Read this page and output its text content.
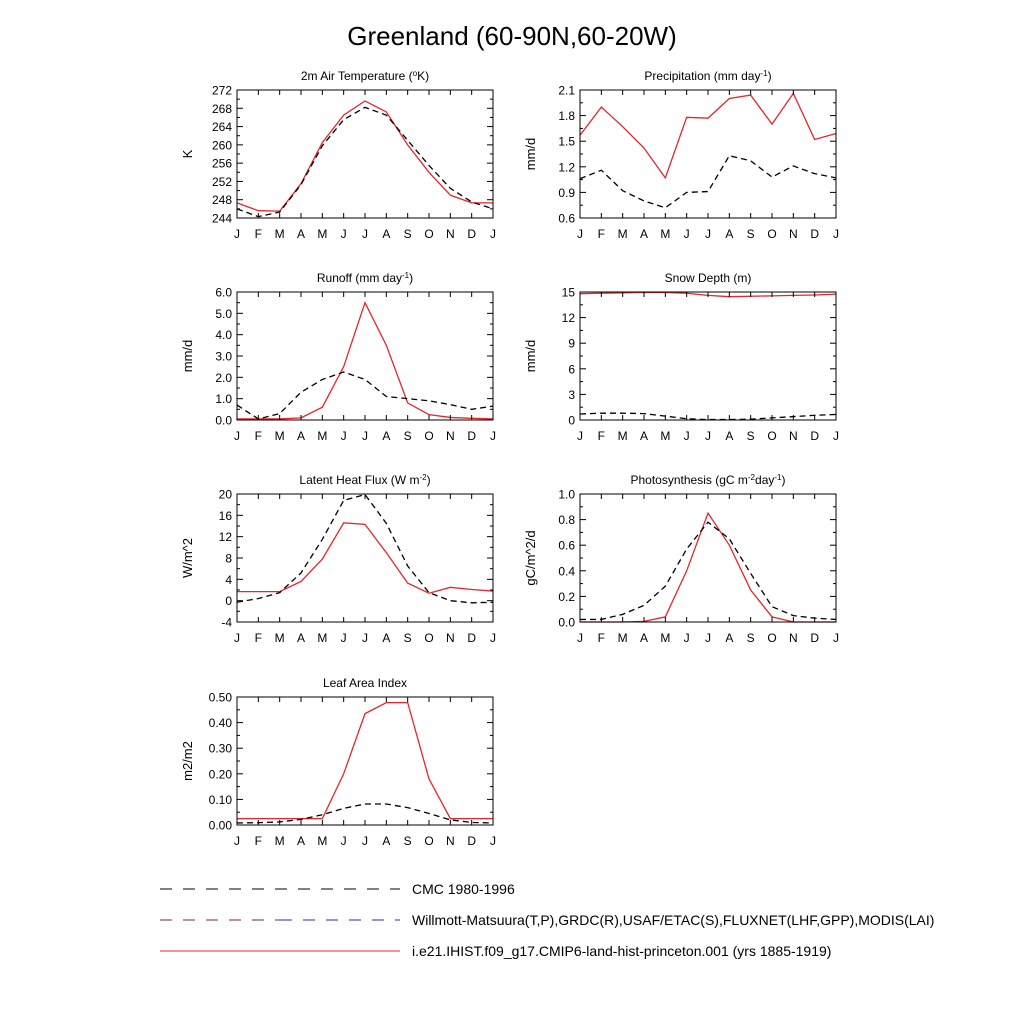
Greenland (60-90N,60-20W)
J F M A M J J A S O N D J
244
248
252
256
260
264
268
272
K
2m Air Temperature ($^o$K)
J F M A M J J A S O N D J
0.6
0.9
1.2
1.5
1.8
2.1
mm/d
Precipitation (mm day$^{-1}$)
J F M A M J J A S O N D J
0.0
1.0
2.0
3.0
4.0
5.0
6.0
mm/d
Runoff (mm day$^{-1}$)
J F M A M J J A S O N D J
0
3
6
9
12
15
mm/d
Snow Depth (m)
J F M A M J J A S O N D J
-4
0
4
8
12
16
20
W/m^2
Latent Heat Flux (W $m^{-2}$)
J F M A M J J A S O N D J
0.0
0.2
0.4
0.6
0.8
1.0
gC/m^2/d
Photosynthesis (gC $m^{-2}day^{-1}$)
J F M A M J J A S O N D J
0.00
0.10
0.20
0.30
0.40
0.50
m2/m2
Leaf Area Index
CMC 1980-1996
Willmott-Matsuura(T,P),GRDC(R),USAF/ETAC(S),FLUXNET(LHF,GPP),MODIS(LAI)
i.e21.IHIST.f09_g17.CMIP6-land-hist-princeton.001 (yrs 1885-1919)
